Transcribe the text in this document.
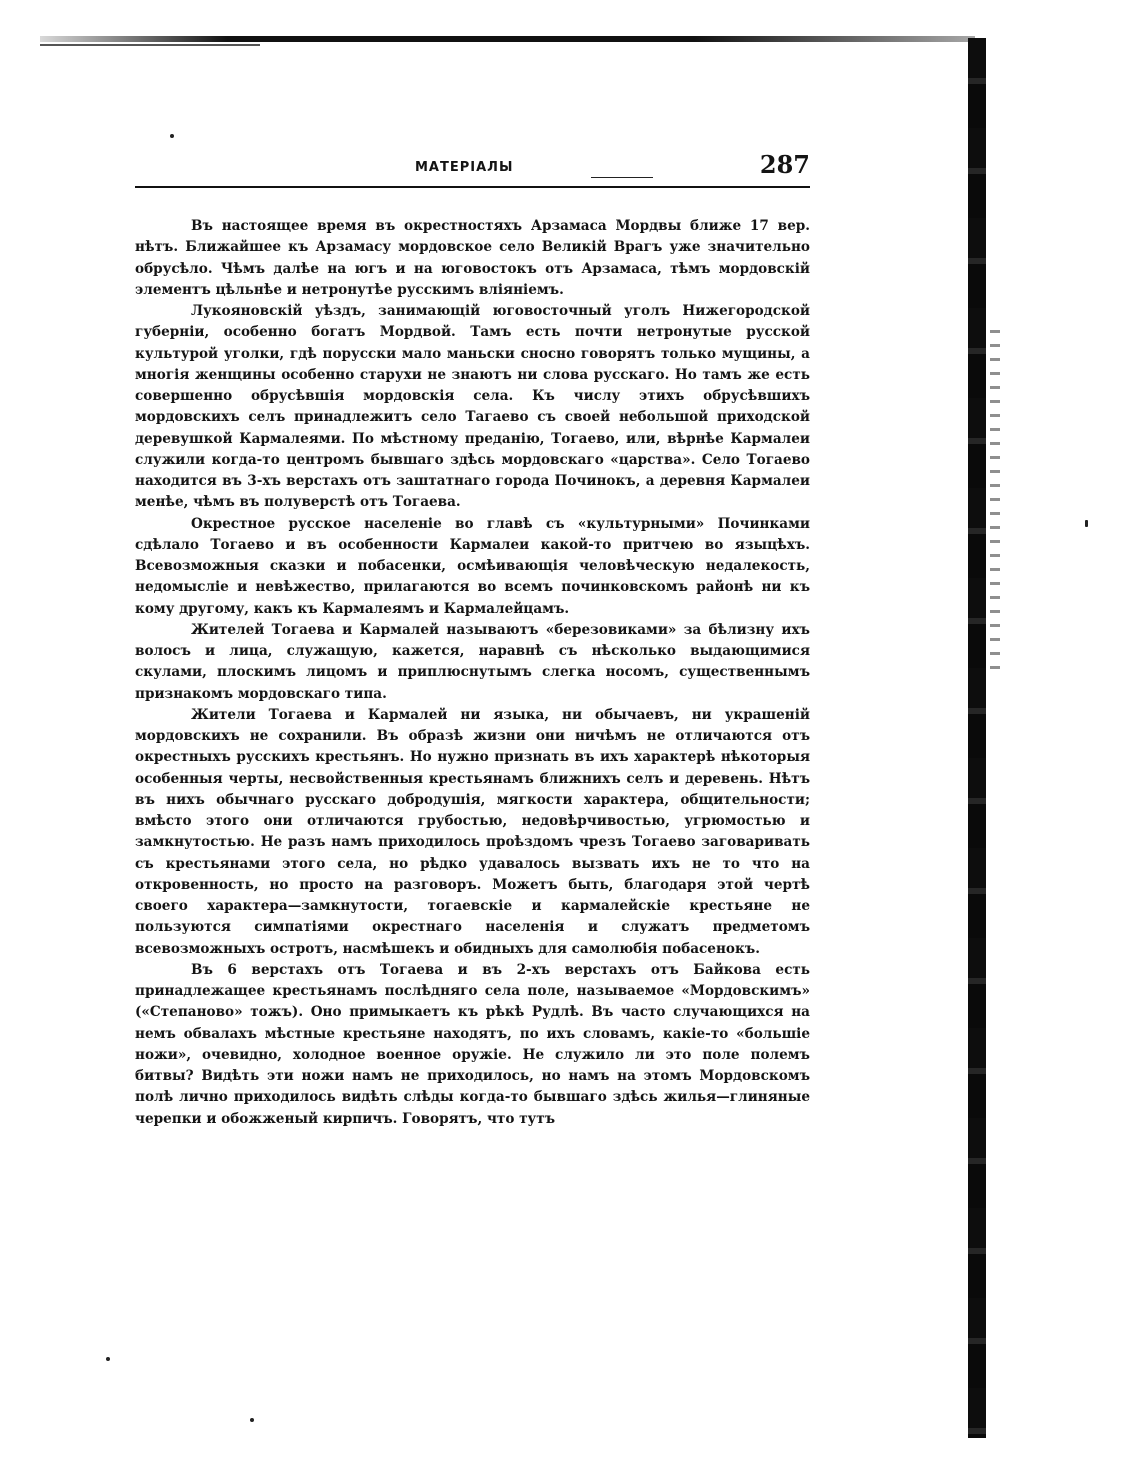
МАТЕРІАЛЫ	287

Въ настоящее время въ окрестностяхъ Арзамаса Мордвы ближе 17 вер. нѣтъ. Ближайшее къ Арзамасу мордовское село Великій Врагъ уже значительно обрусѣло. Чѣмъ далѣе на югъ и на юговостокъ отъ Арзамаса, тѣмъ мордовскій элементъ цѣльнѣе и нетронутѣе русскимъ вліяніемъ.

Лукояновскій уѣздъ, занимающій юговосточный уголъ Нижегородской губерніи, особенно богатъ Мордвой. Тамъ есть почти нетронутые русской культурой уголки, гдѣ порусски мало маньски сносно говорятъ только мущины, а многія женщины особенно старухи не знаютъ ни слова русскаго. Но тамъ же есть совершенно обрусѣвшія мордовскія села. Къ числу этихъ обрусѣвшихъ мордовскихъ селъ принадлежитъ село Тагаево съ своей небольшой приходской деревушкой Кармалеями. По мѣстному преданію, Тогаево, или, вѣрнѣе Кармалеи служили когда-то центромъ бывшаго здѣсь мордовскаго «царства». Село Тогаево находится въ 3-хъ верстахъ отъ заштатнаго города Починокъ, а деревня Кармалеи менѣе, чѣмъ въ полуверстѣ отъ Тогаева.

Окрестное русское населеніе во главѣ съ «культурными» Починками сдѣлало Тогаево и въ особенности Кармалеи какой-то притчею во языцѣхъ. Всевозможныя сказки и побасенки, осмѣивающія человѣческую недалекость, недомысліе и невѣжество, прилагаются во всемъ починковскомъ районѣ ни къ кому другому, какъ къ Кармалеямъ и Кармалейцамъ.

Жителей Тогаева и Кармалей называютъ «березовиками» за бѣлизну ихъ волосъ и лица, служащую, кажется, наравнѣ съ нѣсколько выдающимися скулами, плоскимъ лицомъ и приплюснутымъ слегка носомъ, существеннымъ признакомъ мордовскаго типа.

Жители Тогаева и Кармалей ни языка, ни обычаевъ, ни украшеній мордовскихъ не сохранили. Въ образѣ жизни они ничѣмъ не отличаются отъ окрестныхъ русскихъ крестьянъ. Но нужно признать въ ихъ характерѣ нѣкоторыя особенныя черты, несвойственныя крестьянамъ ближнихъ селъ и деревень. Нѣтъ въ нихъ обычнаго русскаго добродушія, мягкости характера, общительности; вмѣсто этого они отличаются грубостью, недовѣрчивостью, угрюмостью и замкнутостью. Не разъ намъ приходилось проѣздомъ чрезъ Тогаево заговаривать съ крестьянами этого села, но рѣдко удавалось вызвать ихъ не то что на откровенность, но просто на разговоръ. Можетъ быть, благодаря этой чертѣ своего характера—замкнутости, тогаевскіе и кармалейскіе крестьяне не пользуются симпатіями окрестнаго населенія и служатъ предметомъ всевозможныхъ остротъ, насмѣшекъ и обидныхъ для самолюбія побасенокъ.

Въ 6 верстахъ отъ Тогаева и въ 2-хъ верстахъ отъ Байкова есть принадлежащее крестьянамъ послѣдняго села поле, называемое «Мордовскимъ» («Степаново» тожъ). Оно примыкаетъ къ рѣкѣ Рудлѣ. Въ часто случающихся на немъ обвалахъ мѣстные крестьяне находятъ, по ихъ словамъ, какіе-то «большіе ножи», очевидно, холодное военное оружіе. Не служило ли это поле полемъ битвы? Видѣть эти ножи намъ не приходилось, но намъ на этомъ Мордовскомъ полѣ лично приходилось видѣть слѣды когда-то бывшаго здѣсь жилья—глиняные черепки и обожженый кирпичъ. Говорятъ, что тутъ
